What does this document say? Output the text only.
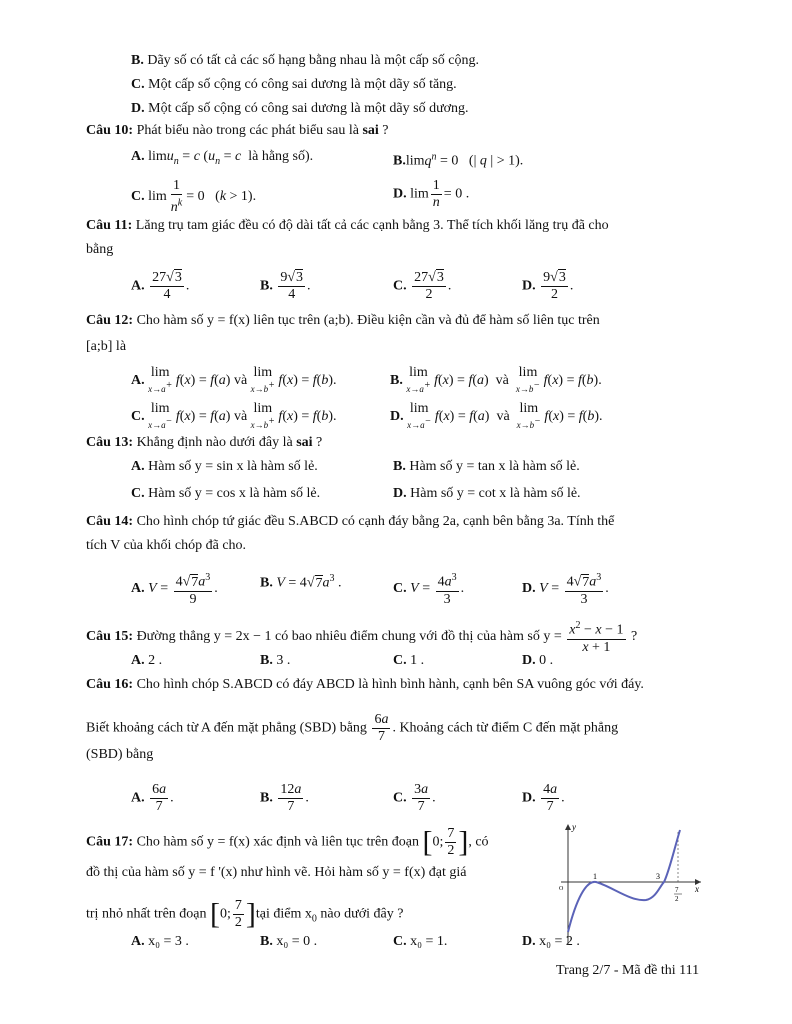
B. Dãy số có tất cả các số hạng bằng nhau là một cấp số cộng.
C. Một cấp số cộng có công sai dương là một dãy số tăng.
D. Một cấp số cộng có công sai dương là một dãy số dương.
Câu 10: Phát biểu nào trong các phát biểu sau là sai ?
A. limu$_n$ = c ($u_n = c$  là hằng số).	B.limq$^n$ = 0   (| q | > 1).
C. $\lim \frac{1}{n^k} = 0$   (k > 1).	D. $\lim \frac{1}{n} = 0$ .
Câu 11: Lăng trụ tam giác đều có độ dài tất cả các cạnh bằng 3. Thể tích khối lăng trụ đã cho
bằng
A. $\frac{27√3}{4}$ .	B. $\frac{9√3}{4}$ .	C. $\frac{27√3}{2}$ .	D. $\frac{9√3}{2}$ .
Câu 12: Cho hàm số y = f(x) liên tục trên (a;b). Điều kiện cần và đủ để hàm số liên tục trên
[a;b] là
A.
lim
x→a+ f(x) = f(a) và
lim
x→b+ f(x) = f(b).	B.
lim
x→a+ f(x) = f(a)  và
lim
x→b− f(x) = f(b).
C.
lim
x→a− f(x) = f(a) và
lim
x→b+ f(x) = f(b).	D.
lim
x→a− f(x) = f(a)  và
lim
x→b− f(x) = f(b).
Câu 13: Khẳng định nào dưới đây là sai ?
A. Hàm số y = sin x là hàm số lẻ.	B. Hàm số y = tan x là hàm số lẻ.
C. Hàm số y = cos x là hàm số lẻ.	D. Hàm số y = cot x là hàm số lẻ.
Câu 14: Cho hình chóp tứ giác đều S.ABCD có cạnh đáy bằng 2a, cạnh bên bằng 3a. Tính thể
tích V của khối chóp đã cho.
A. $V = \frac{4√7a^3}{9}$ .	B. $V = 4√7a^3$ .	C. $V = \frac{4a^3}{3}$ .	D. $V = \frac{4√7a^3}{3}$ .
Câu 15: Đường thẳng y = 2x − 1 có bao nhiêu điểm chung với đồ thị của hàm số $y = \frac{x^2 - x - 1}{x + 1}$ ?
A. 2 .	B. 3 .	C. 1 .	D. 0 .
Câu 16: Cho hình chóp S.ABCD có đáy ABCD là hình bình hành, cạnh bên SA vuông góc với đáy.
Biết khoảng cách từ A đến mặt phẳng (SBD) bằng $\frac{6a}{7}$ . Khoảng cách từ điểm C đến mặt phẳng
(SBD) bằng
A. $\frac{6a}{7}$ .	B. $\frac{12a}{7}$ .	C. $\frac{3a}{7}$ .	D. $\frac{4a}{7}$ .
Câu 17: Cho hàm số y = f(x) xác định và liên tục trên đoạn [0; $\frac{7}{2}$ ], có
đồ thị của hàm số y = f '(x) như hình vẽ. Hỏi hàm số y = f(x) đạt giá
trị nhỏ nhất trên đoạn [0; $\frac{7}{2}$ ]tại điểm $x_0$ nào dưới đây ?
A. x₀ = 3 .	B. x₀ = 0 .	C. x₀ = 1.	D. x₀ = 2 .
y
x
O
1	3
7
2
Trang 2/7 - Mã đề thi 111
